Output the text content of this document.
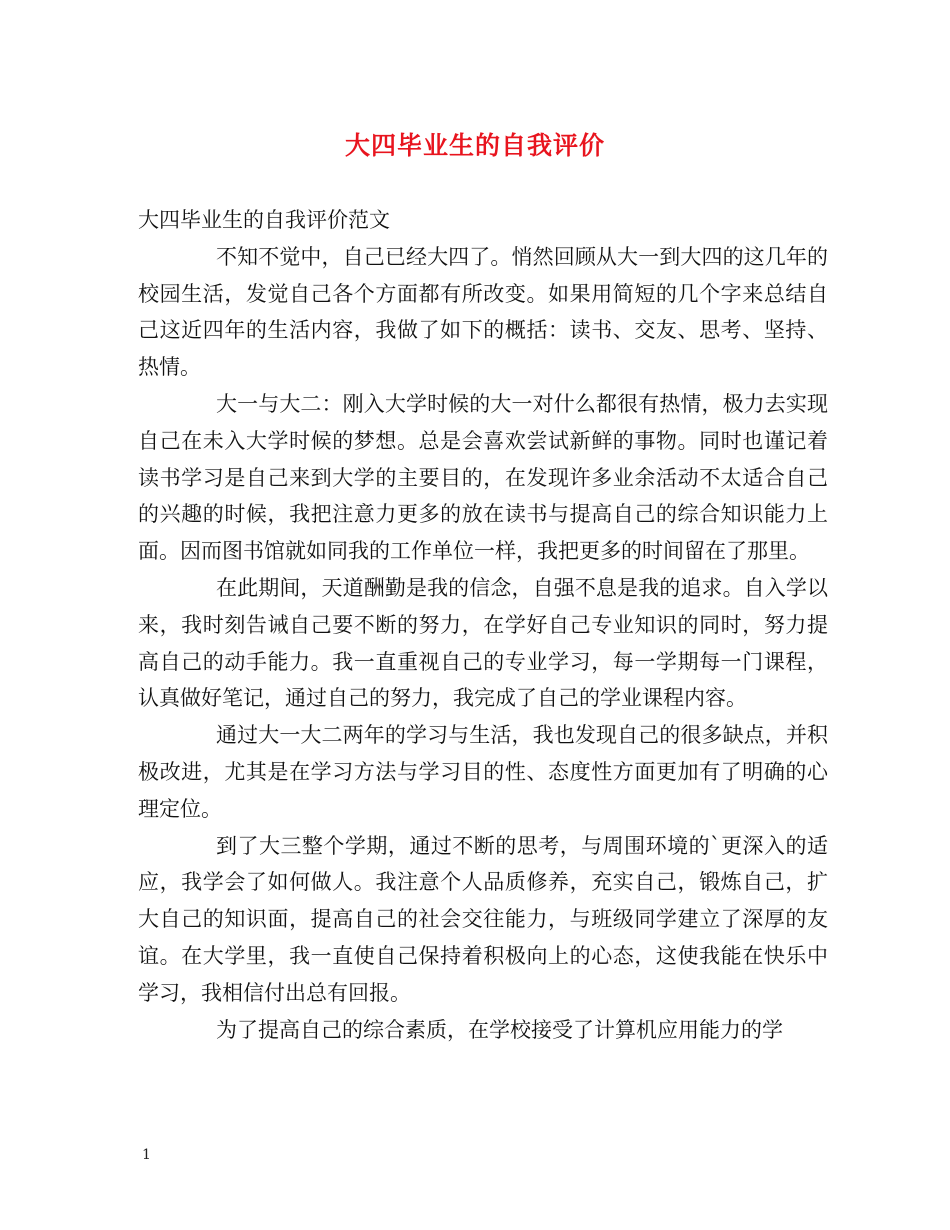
大四毕业生的自我评价

大四毕业生的自我评价范文

不知不觉中，自己已经大四了。悄然回顾从大一到大四的这几年的校园生活，发觉自己各个方面都有所改变。如果用简短的几个字来总结自己这近四年的生活内容，我做了如下的概括：读书、交友、思考、坚持、热情。

大一与大二：刚入大学时候的大一对什么都很有热情，极力去实现自己在未入大学时候的梦想。总是会喜欢尝试新鲜的事物。同时也谨记着读书学习是自己来到大学的主要目的，在发现许多业余活动不太适合自己的兴趣的时候，我把注意力更多的放在读书与提高自己的综合知识能力上面。因而图书馆就如同我的工作单位一样，我把更多的时间留在了那里。

在此期间，天道酬勤是我的信念，自强不息是我的追求。自入学以来，我时刻告诫自己要不断的努力，在学好自己专业知识的同时，努力提高自己的动手能力。我一直重视自己的专业学习，每一学期每一门课程，认真做好笔记，通过自己的努力，我完成了自己的学业课程内容。

通过大一大二两年的学习与生活，我也发现自己的很多缺点，并积极改进，尤其是在学习方法与学习目的性、态度性方面更加有了明确的心理定位。

到了大三整个学期，通过不断的思考，与周围环境的`更深入的适应，我学会了如何做人。我注意个人品质修养，充实自己，锻炼自己，扩大自己的知识面，提高自己的社会交往能力，与班级同学建立了深厚的友谊。在大学里，我一直使自己保持着积极向上的心态，这使我能在快乐中学习，我相信付出总有回报。

为了提高自己的综合素质，在学校接受了计算机应用能力的学

1
